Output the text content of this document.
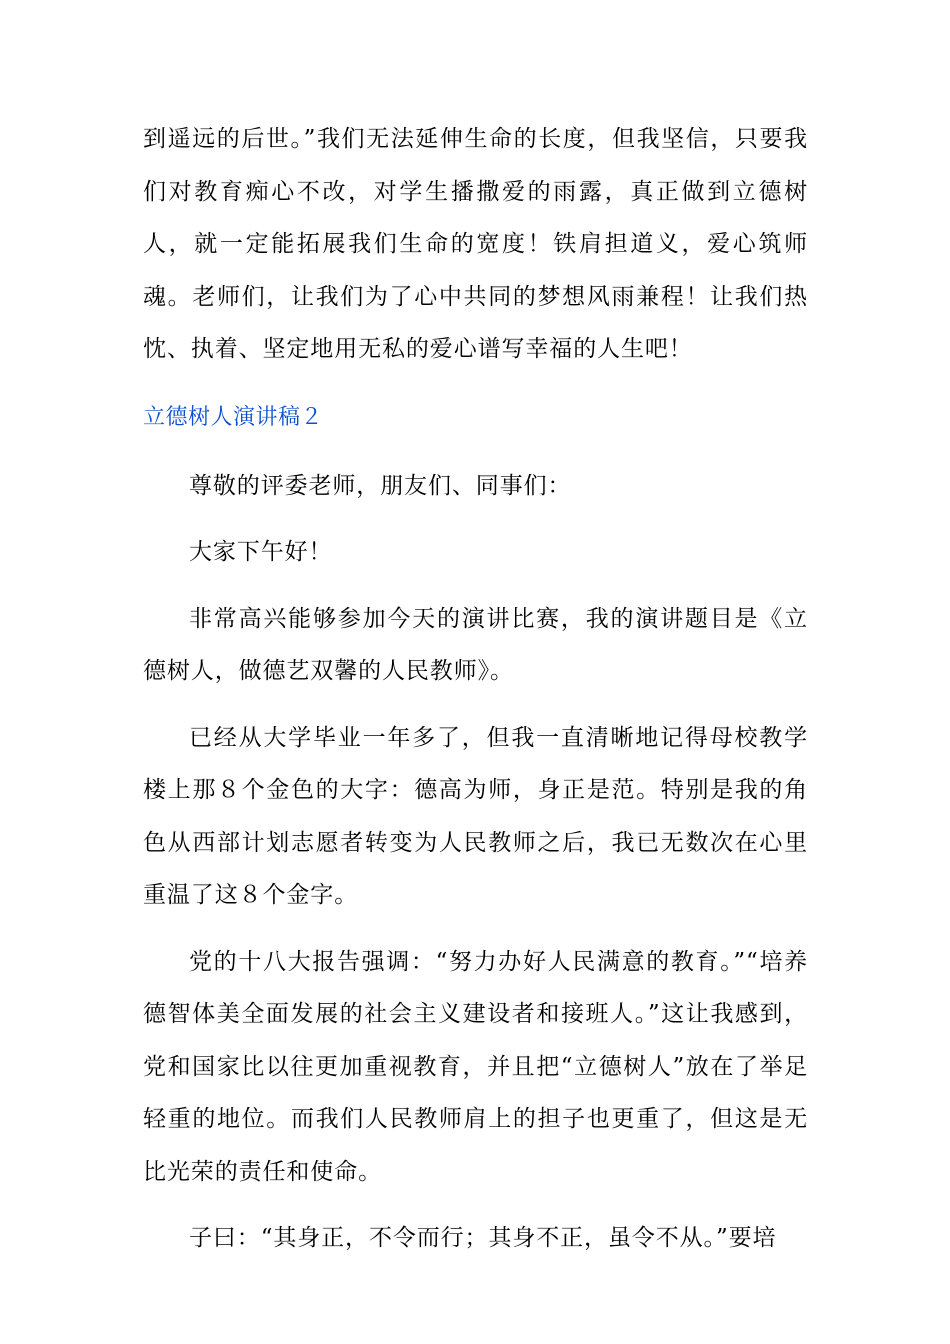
到遥远的后世。”我们无法延伸生命的长度，但我坚信，只要我们对教育痴心不改，对学生播撒爱的雨露，真正做到立德树人，就一定能拓展我们生命的宽度！铁肩担道义，爱心筑师魂。老师们，让我们为了心中共同的梦想风雨兼程！让我们热忱、执着、坚定地用无私的爱心谱写幸福的人生吧！

立德树人演讲稿２

尊敬的评委老师，朋友们、同事们：

大家下午好！

非常高兴能够参加今天的演讲比赛，我的演讲题目是《立德树人，做德艺双馨的人民教师》。

已经从大学毕业一年多了，但我一直清晰地记得母校教学楼上那８个金色的大字：德高为师，身正是范。特别是我的角色从西部计划志愿者转变为人民教师之后，我已无数次在心里重温了这８个金字。

党的十八大报告强调：“努力办好人民满意的教育。”“培养德智体美全面发展的社会主义建设者和接班人。”这让我感到，党和国家比以往更加重视教育，并且把“立德树人”放在了举足轻重的地位。而我们人民教师肩上的担子也更重了，但这是无比光荣的责任和使命。

子曰：“其身正，不令而行；其身不正，虽令不从。”要培
